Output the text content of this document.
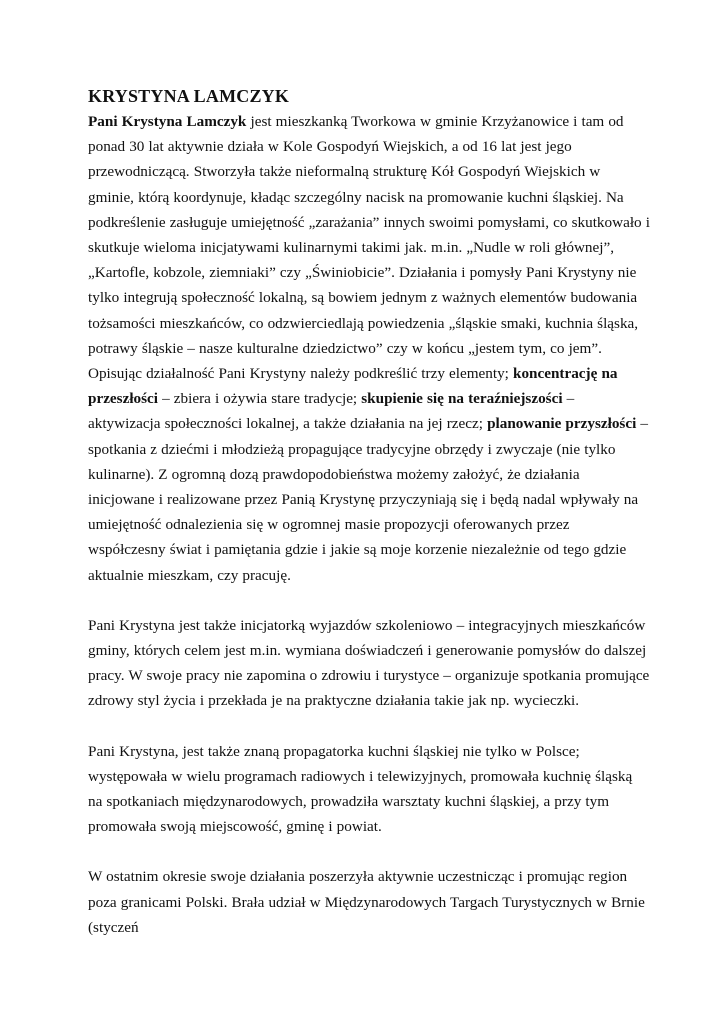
KRYSTYNA LAMCZYK

Pani Krystyna Lamczyk jest mieszkanką Tworkowa w gminie Krzyżanowice i tam od ponad 30 lat aktywnie działa w Kole Gospodyń Wiejskich, a od 16 lat jest jego przewodniczącą. Stworzyła także nieformalną strukturę Kół Gospodyń Wiejskich w gminie, którą koordynuje, kładąc szczególny nacisk na promowanie kuchni śląskiej. Na podkreślenie zasługuje umiejętność „zarażania” innych swoimi pomysłami, co skutkowało i skutkuje wieloma inicjatywami kulinarnymi takimi jak. m.in. „Nudle w roli głównej”, „Kartofle, kobzole, ziemniaki” czy „Świniobicie”. Działania i pomysły Pani Krystyny nie tylko integrują społeczność lokalną, są bowiem jednym z ważnych elementów budowania tożsamości mieszkańców, co odzwierciedlają powiedzenia „śląskie smaki, kuchnia śląska, potrawy śląskie – nasze kulturalne dziedzictwo” czy w końcu „jestem tym, co jem”. Opisując działalność Pani Krystyny należy podkreślić trzy elementy; koncentrację na przeszłości – zbiera i ożywia stare tradycje; skupienie się na teraźniejszości – aktywizacja społeczności lokalnej, a także działania na jej rzecz; planowanie przyszłości – spotkania z dziećmi i młodzieżą propagujące tradycyjne obrzędy i zwyczaje (nie tylko kulinarne). Z ogromną dozą prawdopodobieństwa możemy założyć, że działania inicjowane i realizowane przez Panią Krystynę przyczyniają się i będą nadal wpływały na umiejętność odnalezienia się w ogromnej masie propozycji oferowanych przez współczesny świat i pamiętania gdzie i jakie są moje korzenie niezależnie od tego gdzie aktualnie mieszkam, czy pracuję.

Pani Krystyna jest także inicjatorką wyjazdów szkoleniowo – integracyjnych mieszkańców gminy, których celem jest m.in. wymiana doświadczeń i generowanie pomysłów do dalszej pracy. W swoje pracy nie zapomina o zdrowiu i turystyce – organizuje spotkania promujące zdrowy styl życia i przekłada je na praktyczne działania takie jak np. wycieczki.

Pani Krystyna, jest także znaną propagatorka kuchni śląskiej nie tylko w Polsce; występowała w wielu programach radiowych i telewizyjnych, promowała kuchnię śląską na spotkaniach międzynarodowych, prowadziła warsztaty kuchni śląskiej, a przy tym promowała swoją miejscowość, gminę i powiat.

W ostatnim okresie swoje działania poszerzyła aktywnie uczestnicząc i promując region poza granicami Polski. Brała udział w Międzynarodowych Targach Turystycznych w Brnie (styczeń
